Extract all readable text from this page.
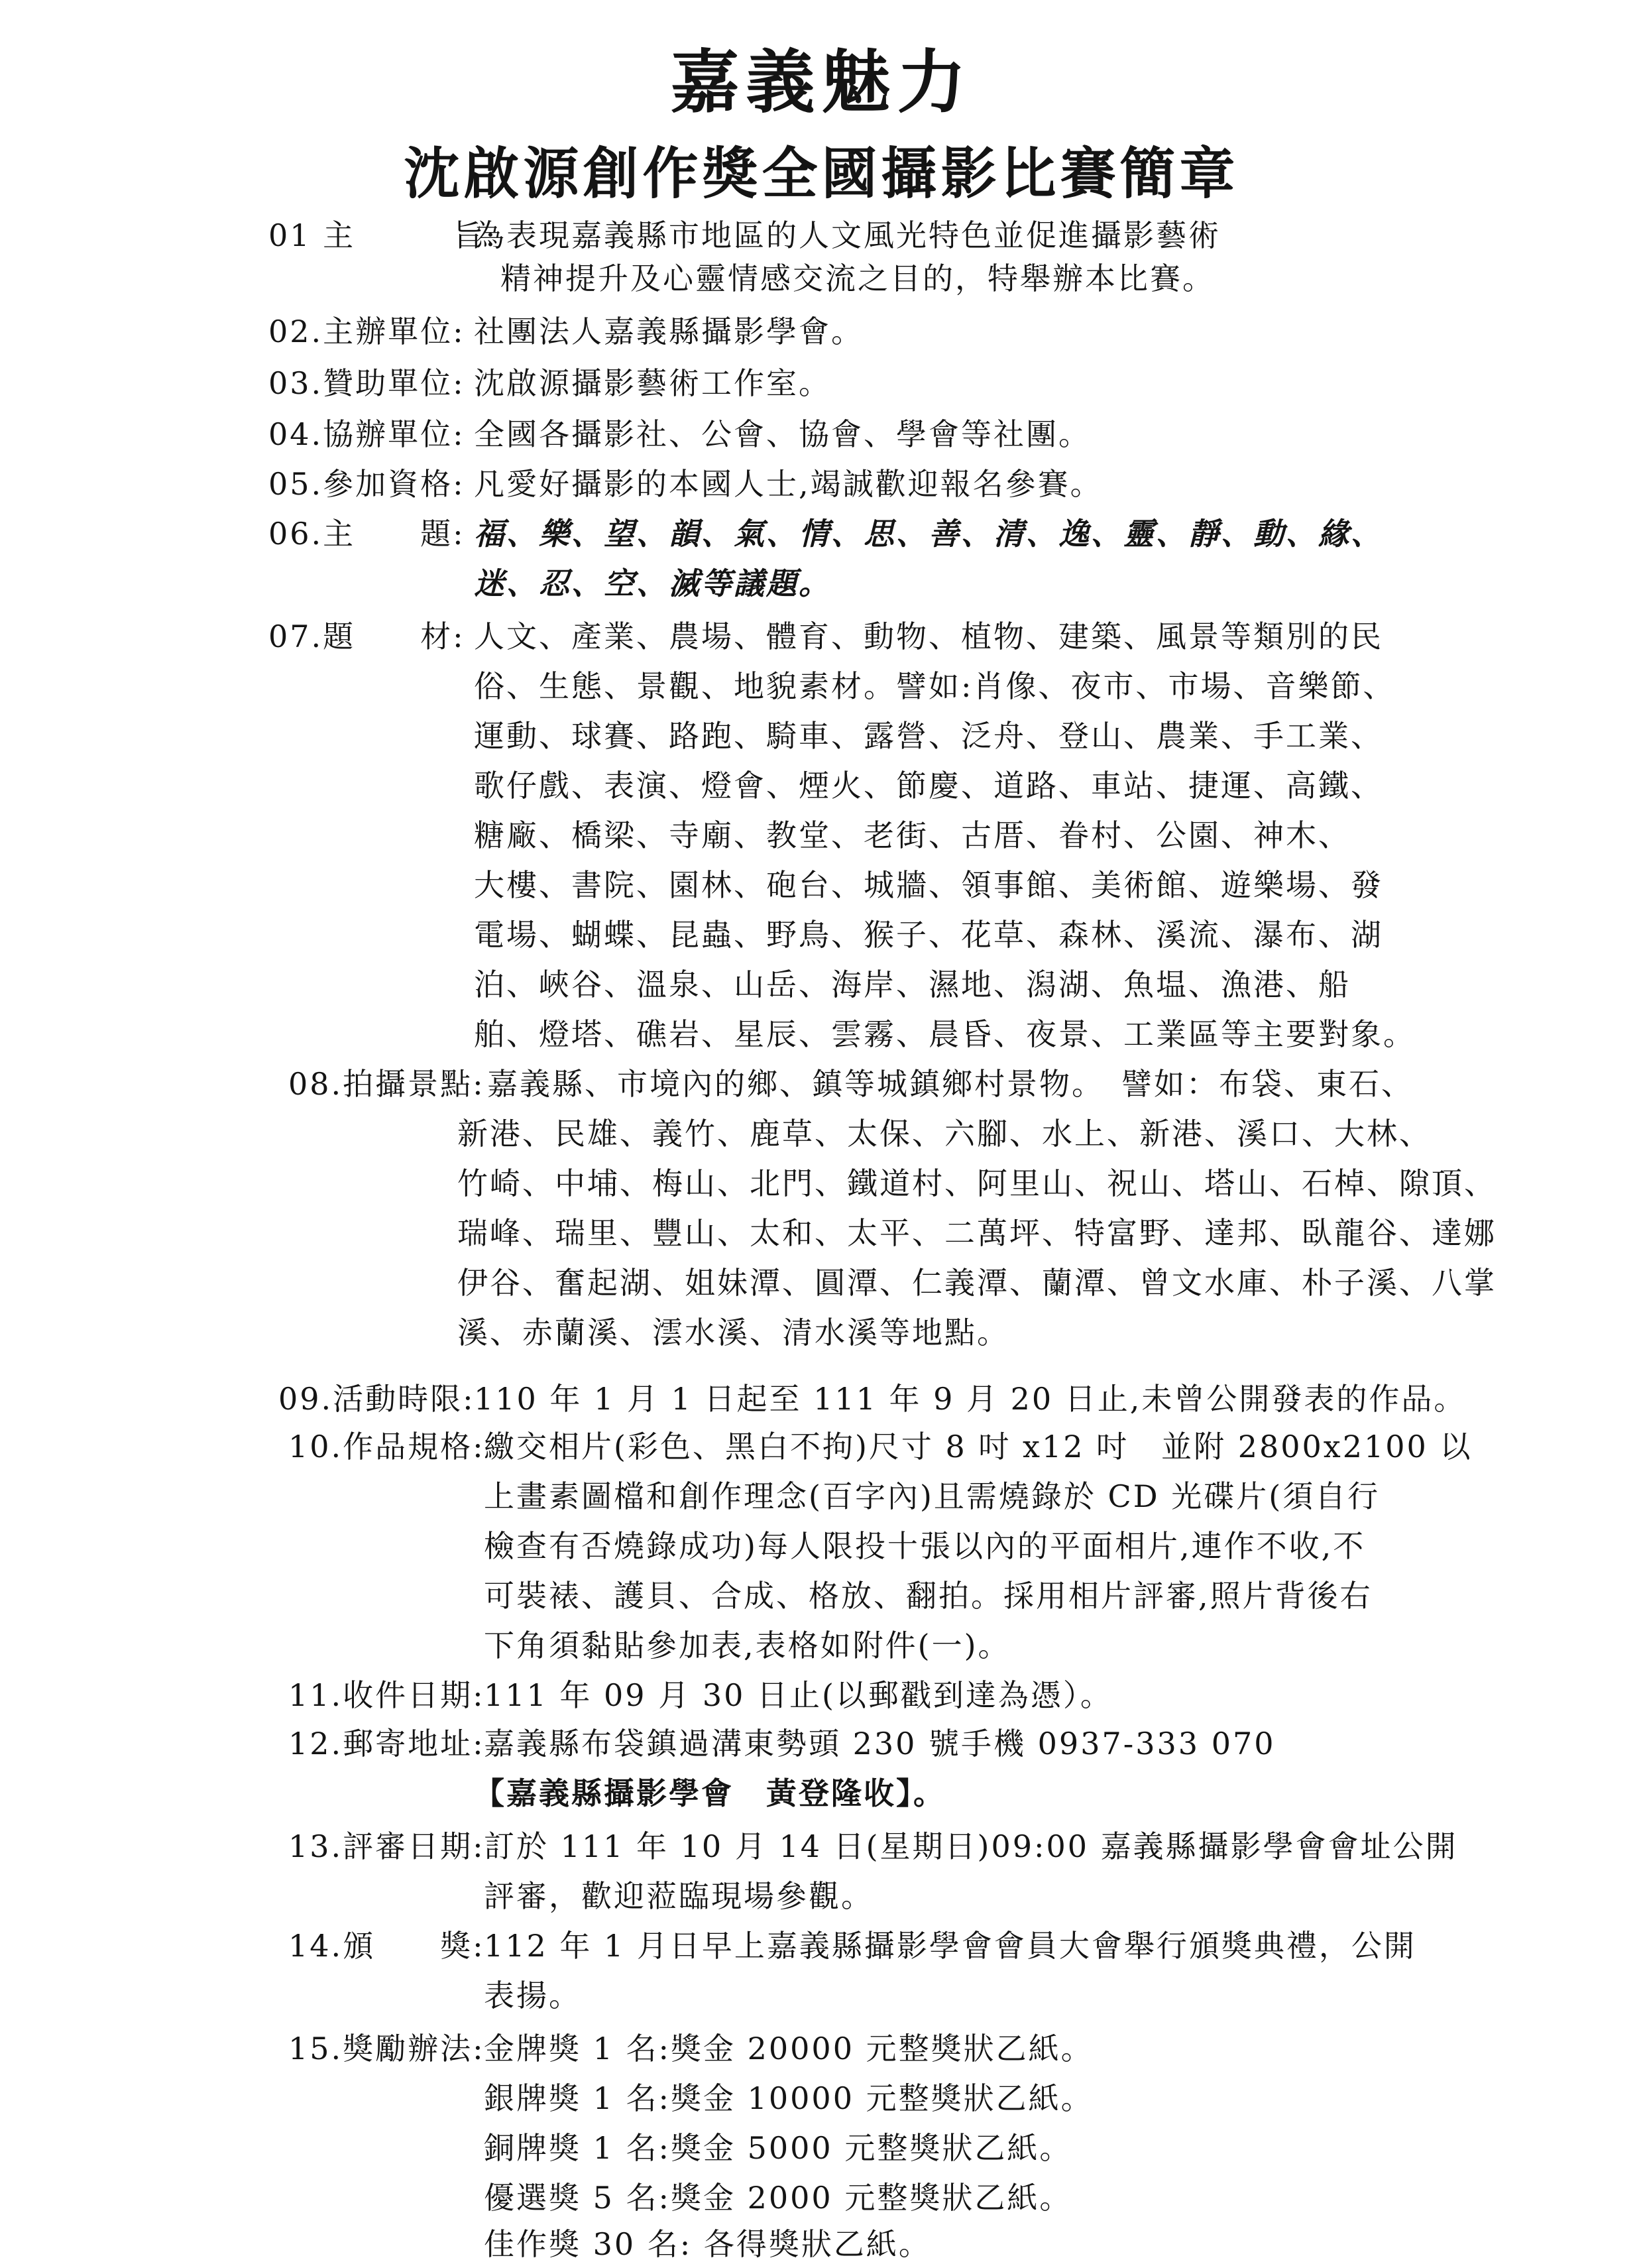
嘉義魅力
沈啟源創作獎全國攝影比賽簡章
01 主　　　旨:
為表現嘉義縣市地區的人文風光特色並促進攝影藝術
精神提升及心靈情感交流之目的，特舉辦本比賽。
02.主辦單位: 社團法人嘉義縣攝影學會。
03.贊助單位: 沈啟源攝影藝術工作室。
04.協辦單位: 全國各攝影社、公會、協會、學會等社團。
05.參加資格: 凡愛好攝影的本國人士,竭誠歡迎報名參賽。
06.主　　題: 福、樂、望、韻、氣、情、思、善、清、逸、靈、靜、動、緣、
迷、忍、空、滅等議題。
07.題　　材: 人文、產業、農場、體育、動物、植物、建築、風景等類別的民
俗、生態、景觀、地貌素材。譬如:肖像、夜市、市場、音樂節、
運動、球賽、路跑、騎車、露營、泛舟、登山、農業、手工業、
歌仔戲、表演、燈會、煙火、節慶、道路、車站、捷運、高鐵、
糖廠、橋梁、寺廟、教堂、老街、古厝、眷村、公園、神木、
大樓、書院、園林、砲台、城牆、領事館、美術館、遊樂場、發
電場、蝴蝶、昆蟲、野鳥、猴子、花草、森林、溪流、瀑布、湖
泊、峽谷、溫泉、山岳、海岸、濕地、潟湖、魚塭、漁港、船
舶、燈塔、礁岩、星辰、雲霧、晨昏、夜景、工業區等主要對象。
08.拍攝景點: 嘉義縣、市境內的鄉、鎮等城鎮鄉村景物。　譬如：布袋、東石、
新港、民雄、義竹、鹿草、太保、六腳、水上、新港、溪口、大林、
竹崎、中埔、梅山、北門、鐵道村、阿里山、祝山、塔山、石棹、隙頂、
瑞峰、瑞里、豐山、太和、太平、二萬坪、特富野、達邦、臥龍谷、達娜
伊谷、奮起湖、姐妹潭、圓潭、仁義潭、蘭潭、曾文水庫、朴子溪、八掌
溪、赤蘭溪、澐水溪、清水溪等地點。
09.活動時限:
110 年 1 月 1 日起至 111 年 9 月 20 日止,未曾公開發表的作品。
10.作品規格:
繳交相片(彩色、黑白不拘)尺寸 8 吋 x12 吋　並附 2800x2100 以
上畫素圖檔和創作理念(百字內)且需燒錄於 CD 光碟片(須自行
檢查有否燒錄成功)每人限投十張以內的平面相片,連作不收,不
可裝裱、護貝、合成、格放、翻拍。採用相片評審,照片背後右
下角須黏貼參加表,表格如附件(一)。
11.收件日期:
111 年 09 月 30 日止(以郵戳到達為憑）。
12.郵寄地址:
嘉義縣布袋鎮過溝東勢頭 230 號手機 0937-333 070
【嘉義縣攝影學會　黃登隆收】。
13.評審日期:
訂於 111 年 10 月 14 日(星期日)09:00 嘉義縣攝影學會會址公開
評審，歡迎蒞臨現場參觀。
14.頒　　獎:
112 年 1 月日早上嘉義縣攝影學會會員大會舉行頒獎典禮，公開
表揚。
15.獎勵辦法:
金牌獎 1 名:獎金 20000 元整獎狀乙紙。
銀牌獎 1 名:獎金 10000 元整獎狀乙紙。
銅牌獎 1 名:獎金 5000 元整獎狀乙紙。
優選獎 5 名:獎金 2000 元整獎狀乙紙。
佳作獎 30 名: 各得獎狀乙紙。
